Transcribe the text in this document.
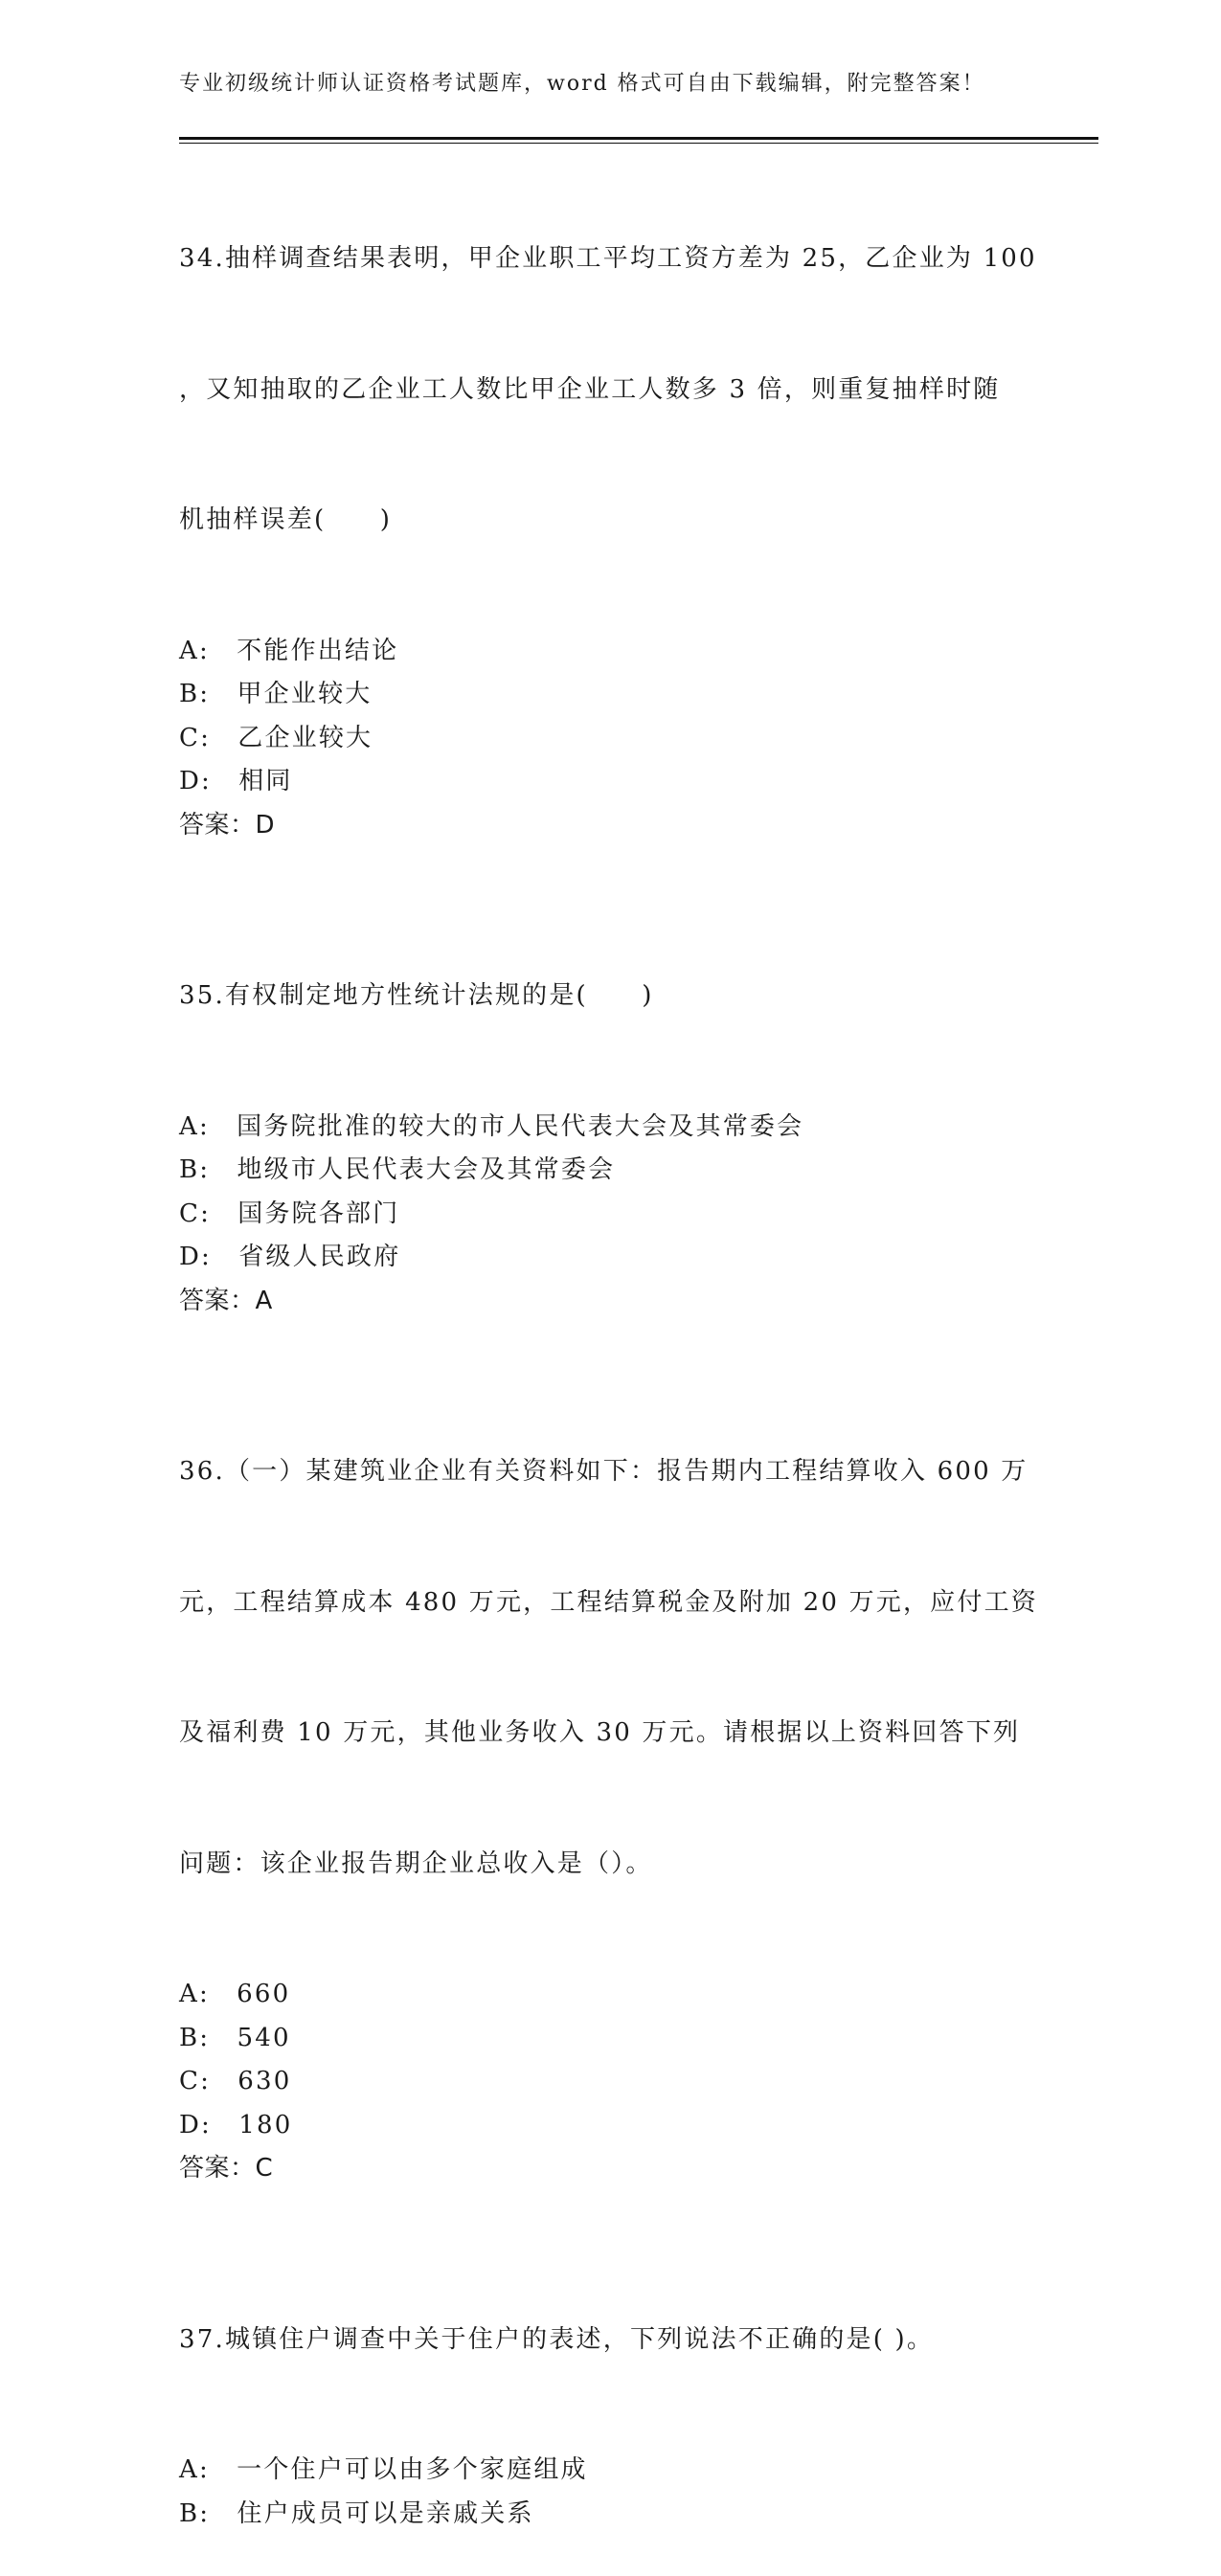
专业初级统计师认证资格考试题库，word 格式可自由下载编辑，附完整答案！

34.抽样调查结果表明，甲企业职工平均工资方差为 25，乙企业为 100

，又知抽取的乙企业工人数比甲企业工人数多 3 倍，则重复抽样时随

机抽样误差(　　)

A:　不能作出结论
B:　甲企业较大
C:　乙企业较大
D:　相同
答案：D

35.有权制定地方性统计法规的是(　　)

A:　国务院批准的较大的市人民代表大会及其常委会
B:　地级市人民代表大会及其常委会
C:　国务院各部门
D:　省级人民政府
答案：A

36.（一）某建筑业企业有关资料如下：报告期内工程结算收入 600 万

元，工程结算成本 480 万元，工程结算税金及附加 20 万元，应付工资

及福利费 10 万元，其他业务收入 30 万元。请根据以上资料回答下列

问题：该企业报告期企业总收入是（）。

A:　660
B:　540
C:　630
D:　180
答案：C

37.城镇住户调查中关于住户的表述，下列说法不正确的是( )。

A:　一个住户可以由多个家庭组成
B:　住户成员可以是亲戚关系
